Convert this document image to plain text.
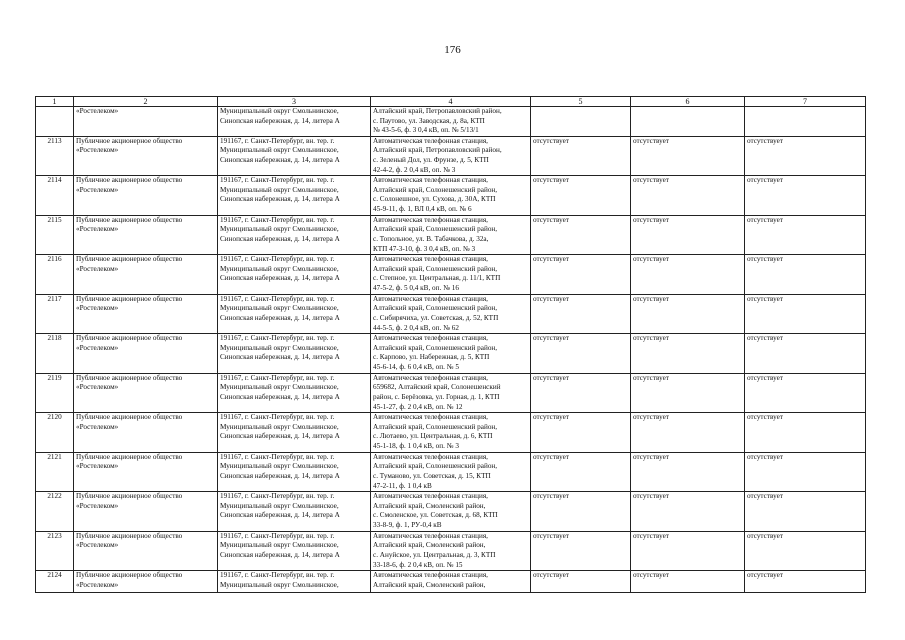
176
1	2	3	4	5	6	7
	«Ростелеком»	Муниципальный округ Смольнинское,
Синопская набережная, д. 14, литера А	Алтайский край, Петропавловский район,
с. Паутово, ул. Заводская, д. 8а, КТП
№ 43-5-6, ф. 3 0,4 кВ, оп. № 5/13/1			
2113	Публичное акционерное общество
«Ростелеком»	191167, г. Санкт-Петербург, вн. тер. г.
Муниципальный округ Смольнинское,
Синопская набережная, д. 14, литера А	Автоматическая телефонная станция,
Алтайский край, Петропавловский район,
с. Зеленый Дол, ул. Фрунзе, д. 5, КТП
42-4-2, ф. 2 0,4 кВ, оп. № 3	отсутствует	отсутствует	отсутствует
2114	Публичное акционерное общество
«Ростелеком»	191167, г. Санкт-Петербург, вн. тер. г.
Муниципальный округ Смольнинское,
Синопская набережная, д. 14, литера А	Автоматическая телефонная станция,
Алтайский край, Солонешенский район,
с. Солонешное, ул. Сухова, д. 30А, КТП
45-9-11, ф. 1, ВЛ 0,4 кВ, оп. № 6	отсутствует	отсутствует	отсутствует
2115	Публичное акционерное общество
«Ростелеком»	191167, г. Санкт-Петербург, вн. тер. г.
Муниципальный округ Смольнинское,
Синопская набережная, д. 14, литера А	Автоматическая телефонная станция,
Алтайский край, Солонешенский район,
с. Топольное, ул. В. Табачкова, д. 32а,
КТП 47-3-10, ф. 3 0,4 кВ, оп. № 3	отсутствует	отсутствует	отсутствует
2116	Публичное акционерное общество
«Ростелеком»	191167, г. Санкт-Петербург, вн. тер. г.
Муниципальный округ Смольнинское,
Синопская набережная, д. 14, литера А	Автоматическая телефонная станция,
Алтайский край, Солонешенский район,
с. Степное, ул. Центральная, д. 11/1, КТП
47-5-2, ф. 5 0,4 кВ, оп. № 16	отсутствует	отсутствует	отсутствует
2117	Публичное акционерное общество
«Ростелеком»	191167, г. Санкт-Петербург, вн. тер. г.
Муниципальный округ Смольнинское,
Синопская набережная, д. 14, литера А	Автоматическая телефонная станция,
Алтайский край, Солонешенский район,
с. Сибирячиха, ул. Советская, д. 52, КТП
44-5-5, ф. 2 0,4 кВ, оп. № 62	отсутствует	отсутствует	отсутствует
2118	Публичное акционерное общество
«Ростелеком»	191167, г. Санкт-Петербург, вн. тер. г.
Муниципальный округ Смольнинское,
Синопская набережная, д. 14, литера А	Автоматическая телефонная станция,
Алтайский край, Солонешенский район,
с. Карпово, ул. Набережная, д. 5, КТП
45-6-14, ф. 6 0,4 кВ, оп. № 5	отсутствует	отсутствует	отсутствует
2119	Публичное акционерное общество
«Ростелеком»	191167, г. Санкт-Петербург, вн. тер. г.
Муниципальный округ Смольнинское,
Синопская набережная, д. 14, литера А	Автоматическая телефонная станция,
659682, Алтайский край, Солонешенский
район, с. Берёзовка, ул. Горная, д. 1, КТП
45-1-27, ф. 2 0,4 кВ, оп. № 12	отсутствует	отсутствует	отсутствует
2120	Публичное акционерное общество
«Ростелеком»	191167, г. Санкт-Петербург, вн. тер. г.
Муниципальный округ Смольнинское,
Синопская набережная, д. 14, литера А	Автоматическая телефонная станция,
Алтайский край, Солонешенский район,
с. Лютаево, ул. Центральная, д. 6, КТП
45-1-18, ф. 1 0,4 кВ, оп. № 3	отсутствует	отсутствует	отсутствует
2121	Публичное акционерное общество
«Ростелеком»	191167, г. Санкт-Петербург, вн. тер. г.
Муниципальный округ Смольнинское,
Синопская набережная, д. 14, литера А	Автоматическая телефонная станция,
Алтайский край, Солонешенский район,
с. Туманово, ул. Советская, д. 15, КТП
47-2-11, ф. 1 0,4 кВ	отсутствует	отсутствует	отсутствует
2122	Публичное акционерное общество
«Ростелеком»	191167, г. Санкт-Петербург, вн. тер. г.
Муниципальный округ Смольнинское,
Синопская набережная, д. 14, литера А	Автоматическая телефонная станция,
Алтайский край, Смоленский район,
с. Смоленское, ул. Советская, д. 68, КТП
33-8-9, ф. 1, РУ-0,4 кВ	отсутствует	отсутствует	отсутствует
2123	Публичное акционерное общество
«Ростелеком»	191167, г. Санкт-Петербург, вн. тер. г.
Муниципальный округ Смольнинское,
Синопская набережная, д. 14, литера А	Автоматическая телефонная станция,
Алтайский край, Смоленский район,
с. Ануйское, ул. Центральная, д. 3, КТП
33-18-6, ф. 2 0,4 кВ, оп. № 15	отсутствует	отсутствует	отсутствует
2124	Публичное акционерное общество
«Ростелеком»	191167, г. Санкт-Петербург, вн. тер. г.
Муниципальный округ Смольнинское,	Автоматическая телефонная станция,
Алтайский край, Смоленский район,	отсутствует	отсутствует	отсутствует
